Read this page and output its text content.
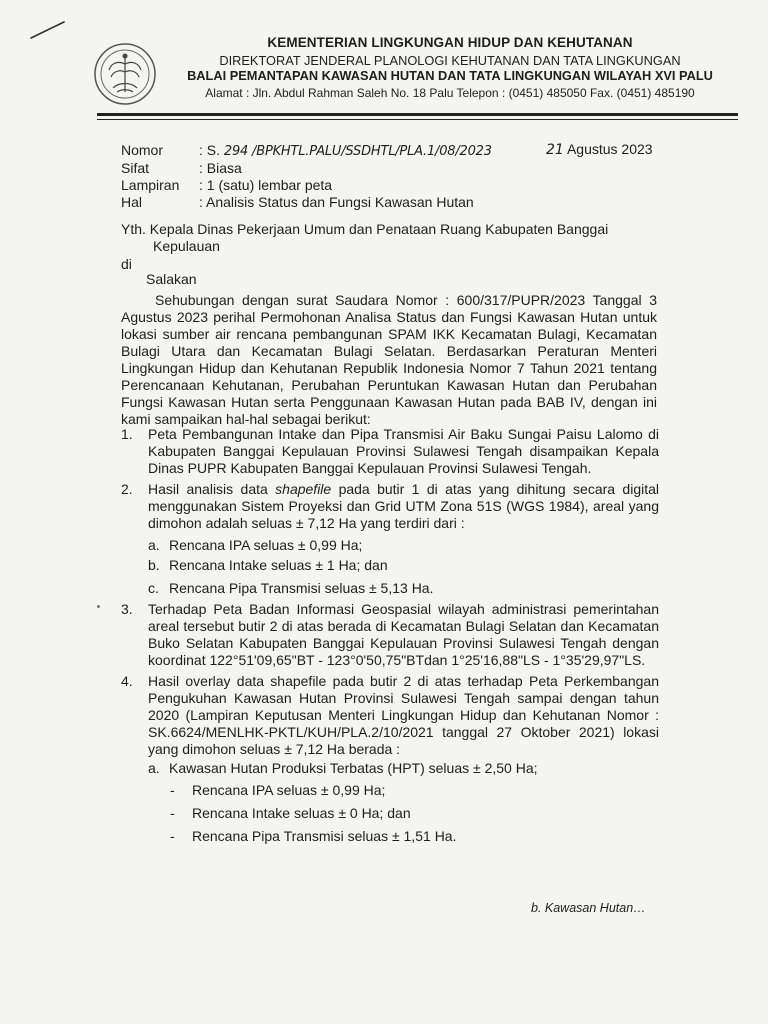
KEMENTERIAN LINGKUNGAN HIDUP DAN KEHUTANAN
DIREKTORAT JENDERAL PLANOLOGI KEHUTANAN DAN TATA LINGKUNGAN
BALAI PEMANTAPAN KAWASAN HUTAN DAN TATA LINGKUNGAN WILAYAH XVI PALU
Alamat : Jln. Abdul Rahman Saleh No. 18 Palu Telepon : (0451) 485050 Fax. (0451) 485190
Nomor	: S. 294 /BPKHTL.PALU/SSDHTL/PLA.1/08/2023
Sifat	: Biasa
Lampiran	: 1 (satu) lembar peta
Hal	: Analisis Status dan Fungsi Kawasan Hutan
21 Agustus 2023
Yth. Kepala Dinas Pekerjaan Umum dan Penataan Ruang Kabupaten Banggai
Kepulauan
di
Salakan
Sehubungan dengan surat Saudara Nomor : 600/317/PUPR/2023 Tanggal 3 Agustus 2023 perihal Permohonan Analisa Status dan Fungsi Kawasan Hutan untuk lokasi sumber air rencana pembangunan SPAM IKK Kecamatan Bulagi, Kecamatan Bulagi Utara dan Kecamatan Bulagi Selatan. Berdasarkan Peraturan Menteri Lingkungan Hidup dan Kehutanan Republik Indonesia Nomor 7 Tahun 2021 tentang Perencanaan Kehutanan, Perubahan Peruntukan Kawasan Hutan dan Perubahan Fungsi Kawasan Hutan serta Penggunaan Kawasan Hutan pada BAB IV, dengan ini kami sampaikan hal-hal sebagai berikut:
1.	Peta Pembangunan Intake dan Pipa Transmisi Air Baku Sungai Paisu Lalomo di Kabupaten Banggai Kepulauan Provinsi Sulawesi Tengah disampaikan Kepala Dinas PUPR Kabupaten Banggai Kepulauan Provinsi Sulawesi Tengah.
2.	Hasil analisis data shapefile pada butir 1 di atas yang dihitung secara digital menggunakan Sistem Proyeksi dan Grid UTM Zona 51S (WGS 1984), areal yang dimohon adalah seluas ± 7,12 Ha yang terdiri dari :
a. Rencana IPA seluas ± 0,99 Ha;
b. Rencana Intake seluas ± 1 Ha; dan
c. Rencana Pipa Transmisi seluas ± 5,13 Ha.
3.	Terhadap Peta Badan Informasi Geospasial wilayah administrasi pemerintahan areal tersebut butir 2 di atas berada di Kecamatan Bulagi Selatan dan Kecamatan Buko Selatan Kabupaten Banggai Kepulauan Provinsi Sulawesi Tengah dengan koordinat 122°51'09,65"BT - 123°0'50,75"BTdan 1°25'16,88"LS - 1°35'29,97"LS.
4.	Hasil overlay data shapefile pada butir 2 di atas terhadap Peta Perkembangan Pengukuhan Kawasan Hutan Provinsi Sulawesi Tengah sampai dengan tahun 2020 (Lampiran Keputusan Menteri Lingkungan Hidup dan Kehutanan Nomor : SK.6624/MENLHK-PKTL/KUH/PLA.2/10/2021 tanggal 27 Oktober 2021) lokasi yang dimohon seluas ± 7,12 Ha berada :
a. Kawasan Hutan Produksi Terbatas (HPT) seluas ± 2,50 Ha;
- Rencana IPA seluas ± 0,99 Ha;
- Rencana Intake seluas ± 0 Ha; dan
- Rencana Pipa Transmisi seluas ± 1,51 Ha.
b. Kawasan Hutan…
